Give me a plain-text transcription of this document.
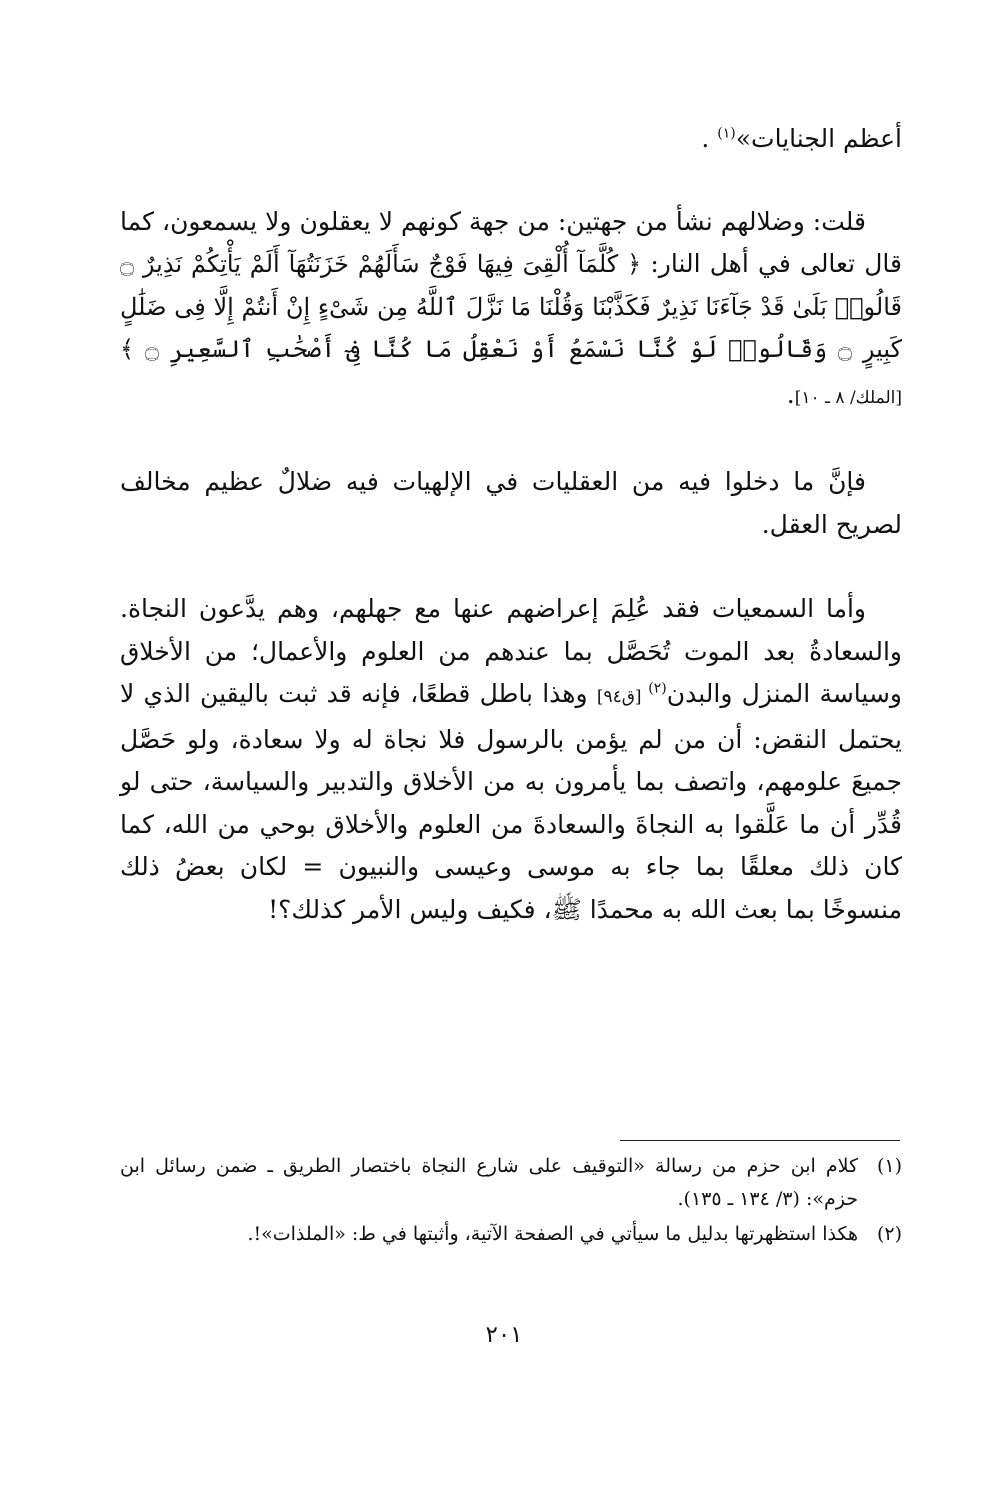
أعظم الجنايات»$^{(١)}$ .

قلت: وضلالهم نشأ من جهتين: من جهة كونهم لا يعقلون ولا يسمعون، كما قال تعالى في أهل النار: ﴿ كُلَّمَآ أُلْقِىَ فِيهَا فَوْجٌ سَأَلَهُمْ خَزَنَتُهَآ أَلَمْ يَأْتِكُمْ نَذِيرٌ ۝ قَالُوا۟ بَلَىٰ قَدْ جَآءَنَا نَذِيرٌ فَكَذَّبْنَا وَقُلْنَا مَا نَزَّلَ ٱللَّهُ مِن شَىْءٍ إِنْ أَنتُمْ إِلَّا فِى ضَلَٰلٍ كَبِيرٍ ۝ وَقَالُوا۟ لَوْ كُنَّا نَسْمَعُ أَوْ نَعْقِلُ مَا كُنَّا فِىٓ أَصْحَٰبِ ٱلسَّعِيرِ ۝ ﴾ [الملك/ ٨ ـ ١٠].

فإنَّ ما دخلوا فيه من العقليات في الإلهيات فيه ضلالٌ عظيم مخالف لصريح العقل.

وأما السمعيات فقد عُلِمَ إعراضهم عنها مع جهلهم، وهم يدَّعون النجاة. والسعادةُ بعد الموت تُحَصَّل بما عندهم من العلوم والأعمال؛ من الأخلاق وسياسة المنزل والبدن$^{(٢)}$ [ق٩٤] وهذا باطل قطعًا، فإنه قد ثبت باليقين الذي لا يحتمل النقض: أن من لم يؤمن بالرسول فلا نجاة له ولا سعادة، ولو حَصَّل جميعَ علومهم، واتصف بما يأمرون به من الأخلاق والتدبير والسياسة، حتى لو قُدِّر أن ما عَلَّقوا به النجاةَ والسعادةَ من العلوم والأخلاق بوحي من الله، كما كان ذلك معلقًا بما جاء به موسى وعيسى والنبيون = لكان بعضُ ذلك منسوخًا بما بعث الله به محمدًا ﷺ، فكيف وليس الأمر كذلك؟!

(١)
كلام ابن حزم من رسالة «التوقيف على شارع النجاة باختصار الطريق ـ ضمن رسائل ابن حزم»: (٣/ ١٣٤ ـ ١٣٥).

(٢)
هكذا استظهرتها بدليل ما سيأتي في الصفحة الآتية، وأثبتها في ط: «الملذات»!.

٢٠١
